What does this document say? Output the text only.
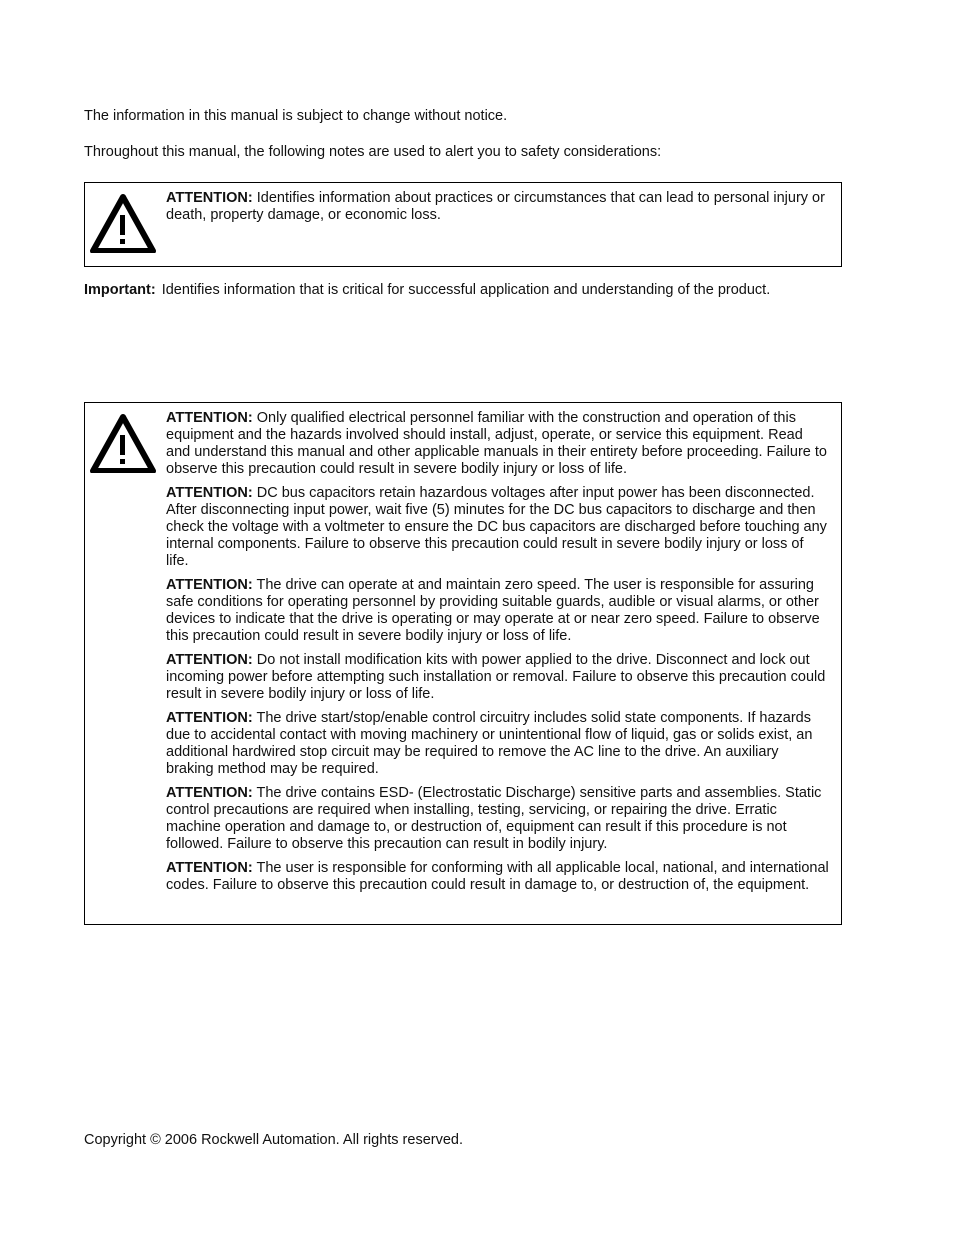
The information in this manual is subject to change without notice.

Throughout this manual, the following notes are used to alert you to safety considerations:

ATTENTION: Identifies information about practices or circumstances that can lead to personal injury or death, property damage, or economic loss.

Important: Identifies information that is critical for successful application and understanding of the product.

ATTENTION: Only qualified electrical personnel familiar with the construction and operation of this equipment and the hazards involved should install, adjust, operate, or service this equipment. Read and understand this manual and other applicable manuals in their entirety before proceeding. Failure to observe this precaution could result in severe bodily injury or loss of life.

ATTENTION: DC bus capacitors retain hazardous voltages after input power has been disconnected. After disconnecting input power, wait five (5) minutes for the DC bus capacitors to discharge and then check the voltage with a voltmeter to ensure the DC bus capacitors are discharged before touching any internal components. Failure to observe this precaution could result in severe bodily injury or loss of life.

ATTENTION: The drive can operate at and maintain zero speed. The user is responsible for assuring safe conditions for operating personnel by providing suitable guards, audible or visual alarms, or other devices to indicate that the drive is operating or may operate at or near zero speed. Failure to observe this precaution could result in severe bodily injury or loss of life.

ATTENTION: Do not install modification kits with power applied to the drive. Disconnect and lock out incoming power before attempting such installation or removal. Failure to observe this precaution could result in severe bodily injury or loss of life.

ATTENTION: The drive start/stop/enable control circuitry includes solid state components. If hazards due to accidental contact with moving machinery or unintentional flow of liquid, gas or solids exist, an additional hardwired stop circuit may be required to remove the AC line to the drive. An auxiliary braking method may be required.

ATTENTION: The drive contains ESD- (Electrostatic Discharge) sensitive parts and assemblies. Static control precautions are required when installing, testing, servicing, or repairing the drive. Erratic machine operation and damage to, or destruction of, equipment can result if this procedure is not followed. Failure to observe this precaution can result in bodily injury.

ATTENTION: The user is responsible for conforming with all applicable local, national, and international codes. Failure to observe this precaution could result in damage to, or destruction of, the equipment.

Copyright © 2006 Rockwell Automation. All rights reserved.
